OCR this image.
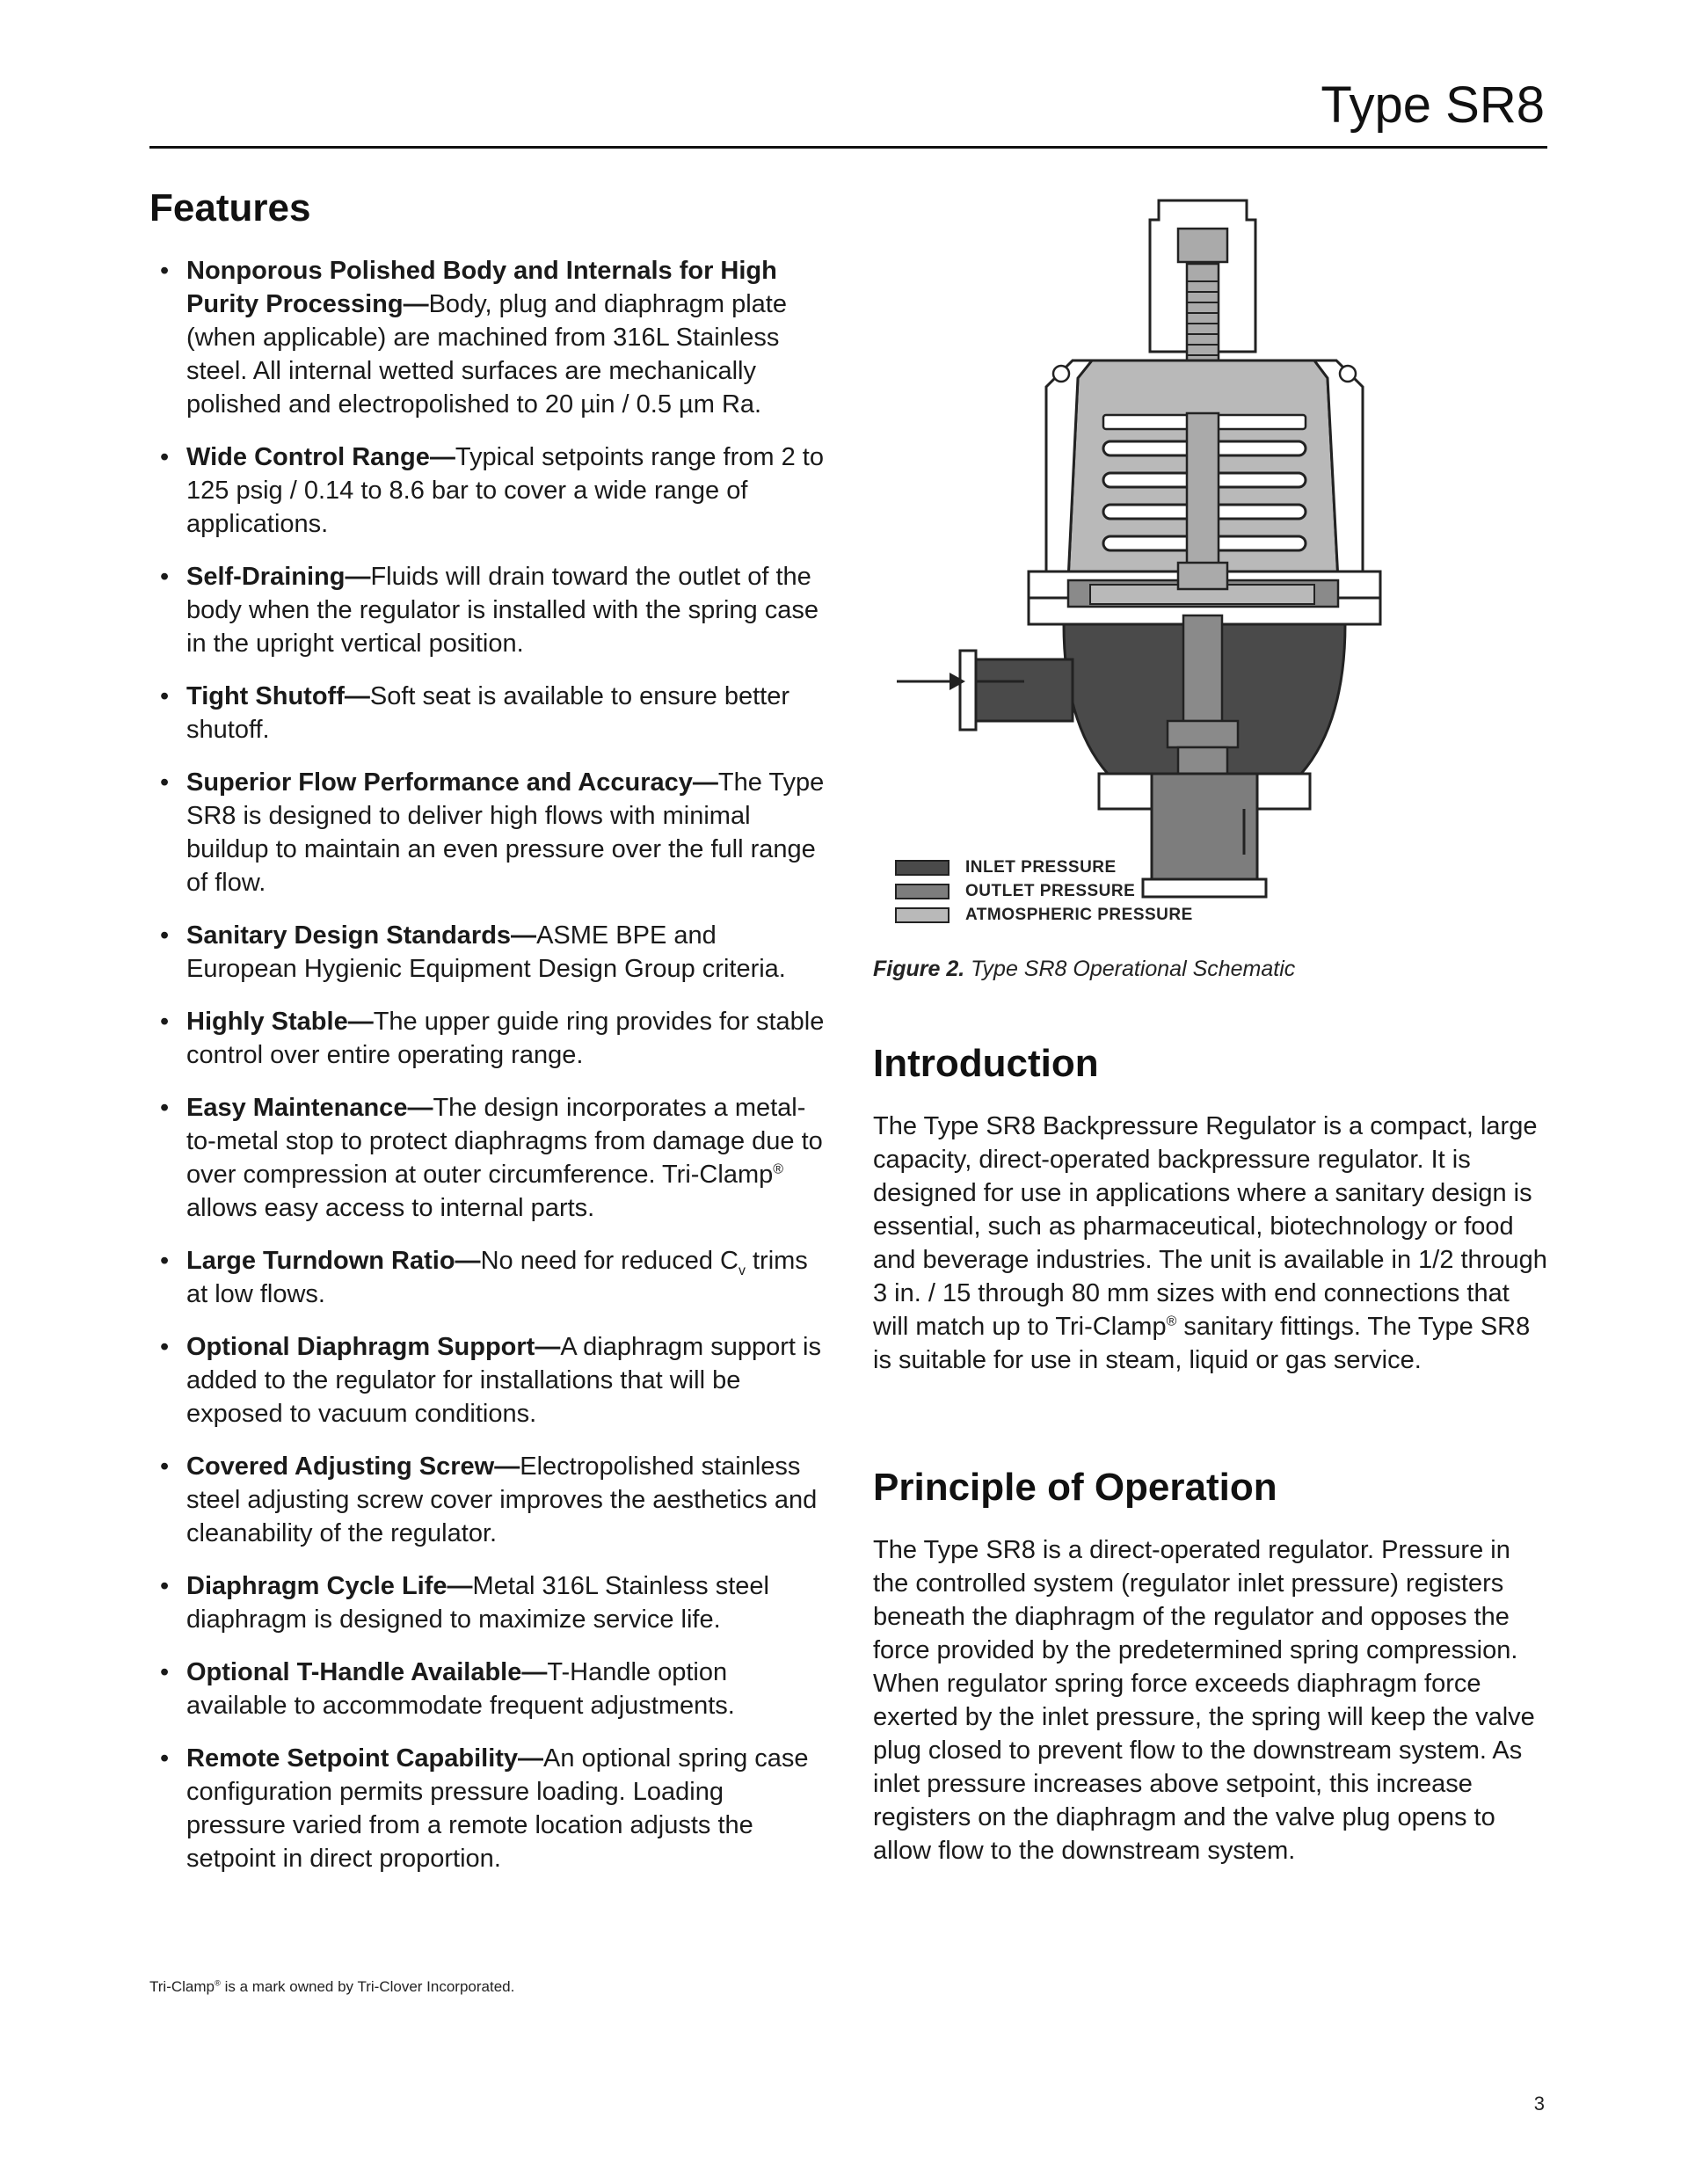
Type SR8
Features
• Nonporous Polished Body and Internals for High Purity Processing—Body, plug and diaphragm plate (when applicable) are machined from 316L Stainless steel. All internal wetted surfaces are mechanically polished and electropolished to 20 µin / 0.5 µm Ra.
• Wide Control Range—Typical setpoints range from 2 to 125 psig / 0.14 to 8.6 bar to cover a wide range of applications.
• Self-Draining—Fluids will drain toward the outlet of the body when the regulator is installed with the spring case in the upright vertical position.
• Tight Shutoff—Soft seat is available to ensure better shutoff.
• Superior Flow Performance and Accuracy—The Type SR8 is designed to deliver high flows with minimal buildup to maintain an even pressure over the full range of flow.
• Sanitary Design Standards—ASME BPE and European Hygienic Equipment Design Group criteria.
• Highly Stable—The upper guide ring provides for stable control over entire operating range.
• Easy Maintenance—The design incorporates a metal-to-metal stop to protect diaphragms from damage due to over compression at outer circumference. Tri-Clamp® allows easy access to internal parts.
• Large Turndown Ratio—No need for reduced $C_v$ trims at low flows.
• Optional Diaphragm Support—A diaphragm support is added to the regulator for installations that will be exposed to vacuum conditions.
• Covered Adjusting Screw—Electropolished stainless steel adjusting screw cover improves the aesthetics and cleanability of the regulator.
• Diaphragm Cycle Life—Metal 316L Stainless steel diaphragm is designed to maximize service life.
• Optional T-Handle Available—T-Handle option available to accommodate frequent adjustments.
• Remote Setpoint Capability—An optional spring case configuration permits pressure loading. Loading pressure varied from a remote location adjusts the setpoint in direct proportion.
INLET PRESSURE
OUTLET PRESSURE
ATMOSPHERIC PRESSURE
Figure 2. Type SR8 Operational Schematic
Introduction

The Type SR8 Backpressure Regulator is a compact, large capacity, direct-operated backpressure regulator. It is designed for use in applications where a sanitary design is essential, such as pharmaceutical, biotechnology or food and beverage industries. The unit is available in 1/2 through 3 in. / 15 through 80 mm sizes with end connections that will match up to Tri-Clamp® sanitary fittings. The Type SR8 is suitable for use in steam, liquid or gas service.

Principle of Operation

The Type SR8 is a direct-operated regulator. Pressure in the controlled system (regulator inlet pressure) registers beneath the diaphragm of the regulator and opposes the force provided by the predetermined spring compression. When regulator spring force exceeds diaphragm force exerted by the inlet pressure, the spring will keep the valve plug closed to prevent flow to the downstream system. As inlet pressure increases above setpoint, this increase registers on the diaphragm and the valve plug opens to allow flow to the downstream system.

Tri-Clamp® is a mark owned by Tri-Clover Incorporated.
3
